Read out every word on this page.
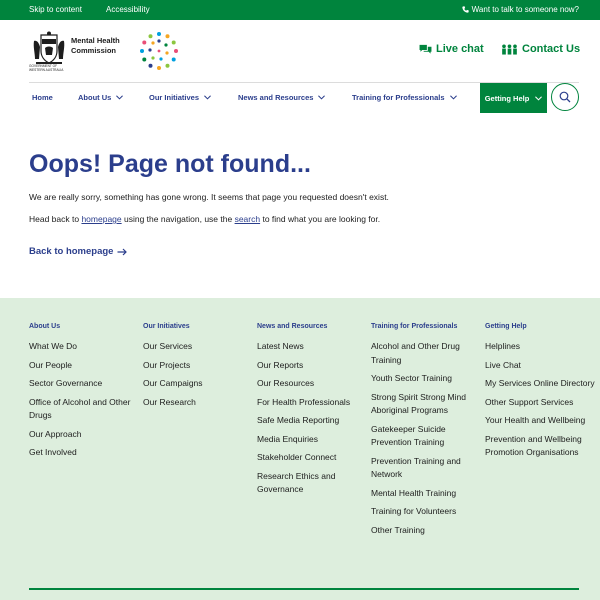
Skip to content	Accessibility	Want to talk to someone now?
Mental Health Commission
GOVERNMENT OF WESTERN AUSTRALIA
Live chat	Contact Us
Home	About Us	Our Initiatives	News and Resources	Training for Professionals	Getting Help
Oops! Page not found...

We are really sorry, something has gone wrong. It seems that page you requested doesn't exist.

Head back to homepage using the navigation, use the search to find what you are looking for.

Back to homepage
About Us
What We Do
Our People
Sector Governance
Office of Alcohol and Other Drugs
Our Approach
Get Involved
Our Initiatives
Our Services
Our Projects
Our Campaigns
Our Research
News and Resources
Latest News
Our Reports
Our Resources
For Health Professionals
Safe Media Reporting
Media Enquiries
Stakeholder Connect
Research Ethics and Governance
Training for Professionals
Alcohol and Other Drug Training
Youth Sector Training
Strong Spirit Strong Mind Aboriginal Programs
Gatekeeper Suicide Prevention Training
Prevention Training and Network
Mental Health Training
Training for Volunteers
Other Training
Getting Help
Helplines
Live Chat
My Services Online Directory
Other Support Services
Your Health and Wellbeing
Prevention and Wellbeing Promotion Organisations
